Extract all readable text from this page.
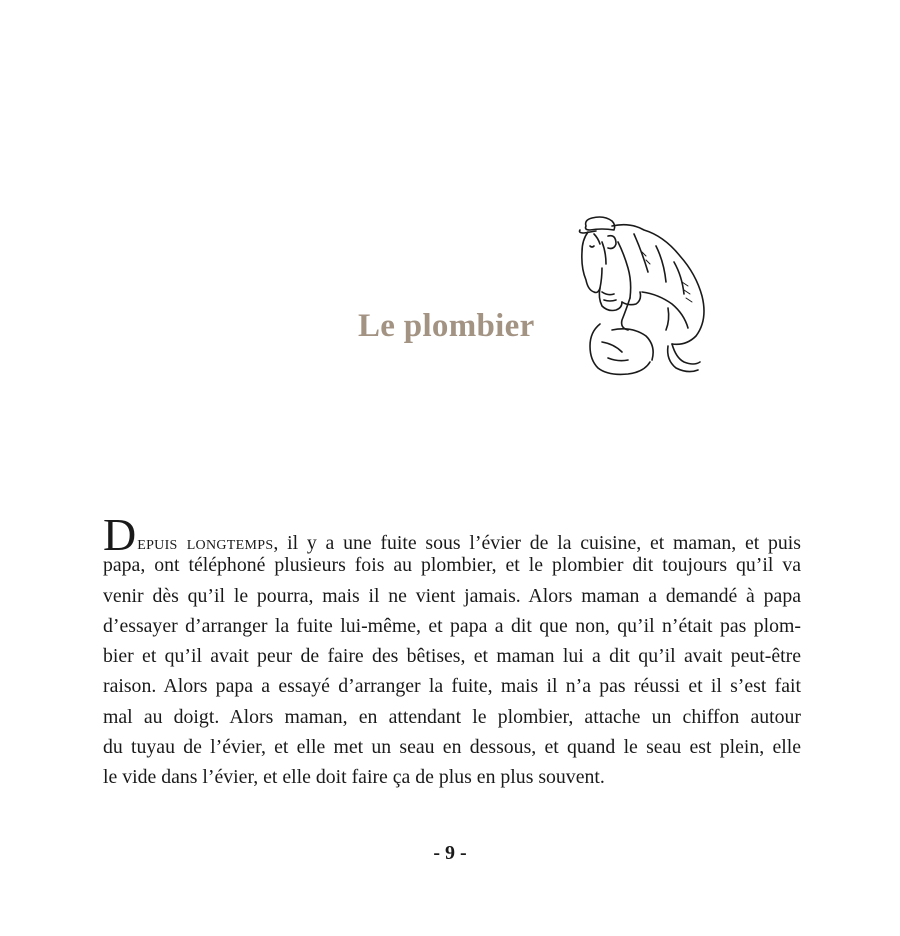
Le plombier
Depuis longtemps, il y a une fuite sous l’évier de la cuisine, et maman, et puis
papa, ont téléphoné plusieurs fois au plombier, et le plombier dit toujours qu’il va
venir dès qu’il le pourra, mais il ne vient jamais. Alors maman a demandé à papa
d’essayer d’arranger la fuite lui-même, et papa a dit que non, qu’il n’était pas plom-
bier et qu’il avait peur de faire des bêtises, et maman lui a dit qu’il avait peut-être
raison. Alors papa a essayé d’arranger la fuite, mais il n’a pas réussi et il s’est fait
mal au doigt. Alors maman, en attendant le plombier, attache un chiffon autour
du tuyau de l’évier, et elle met un seau en dessous, et quand le seau est plein, elle
le vide dans l’évier, et elle doit faire ça de plus en plus souvent.
- 9 -
